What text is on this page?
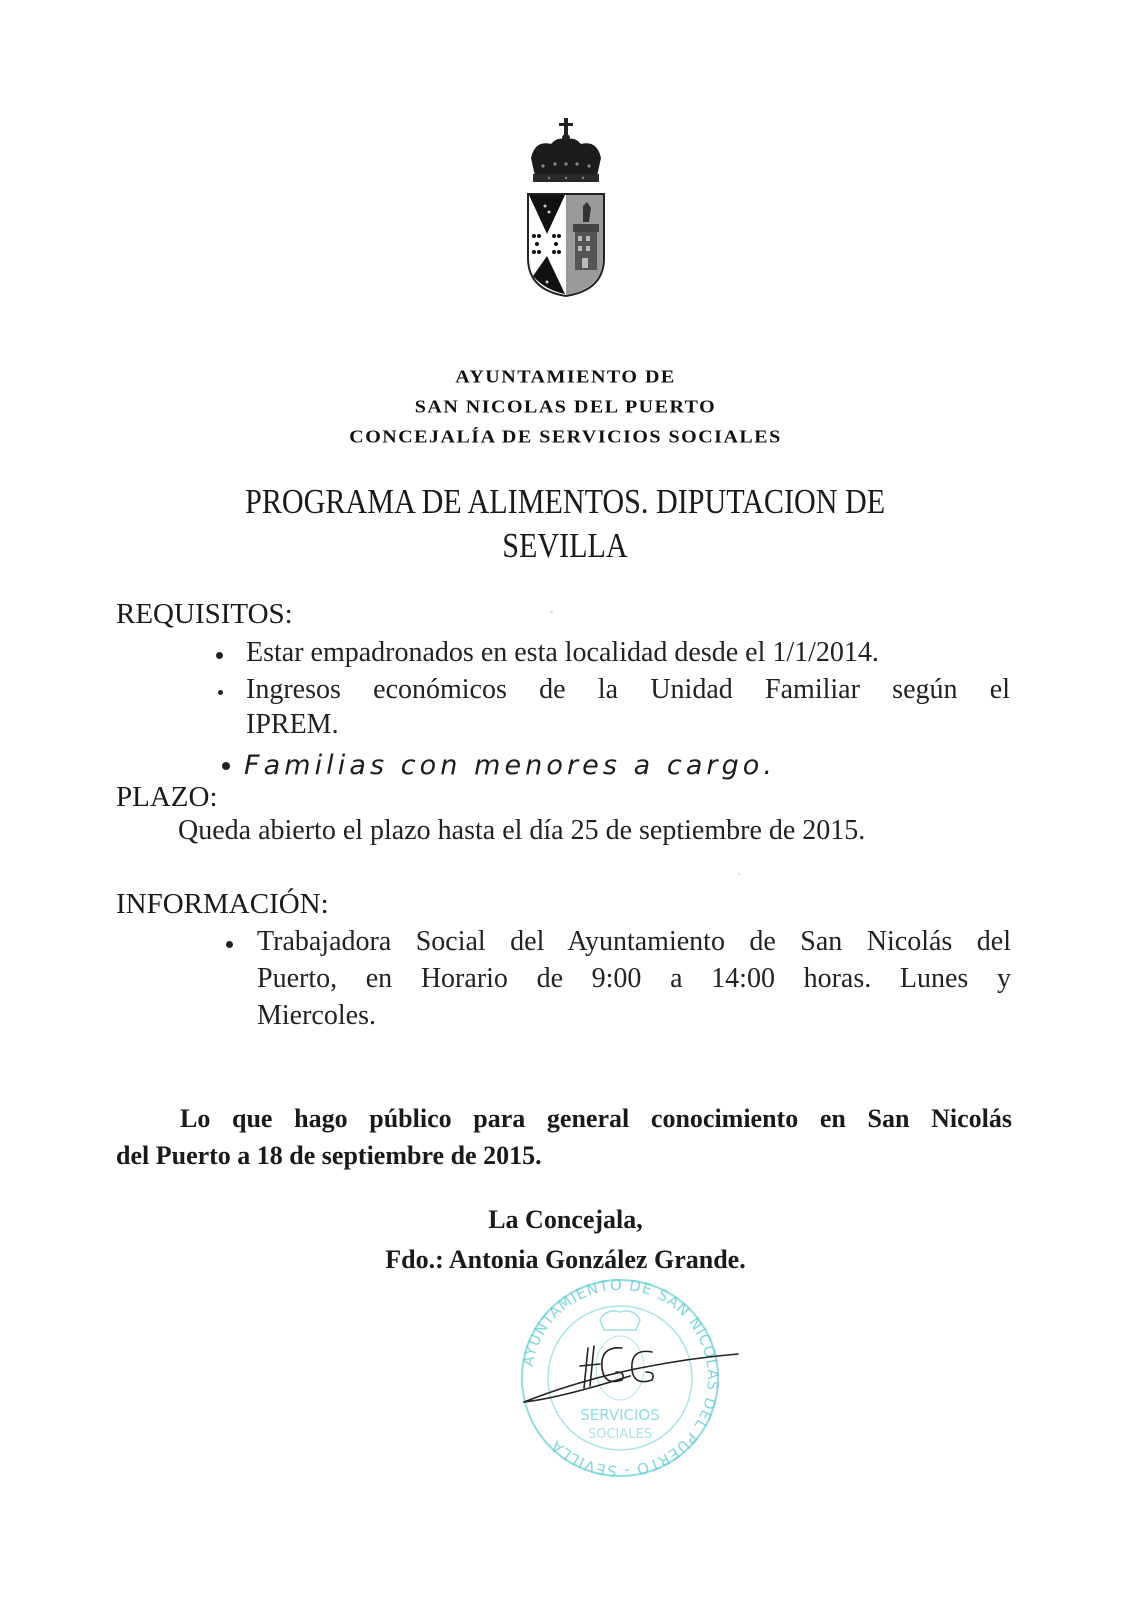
AYUNTAMIENTO DE
SAN NICOLAS DEL PUERTO
CONCEJALÍA DE SERVICIOS SOCIALES
PROGRAMA DE ALIMENTOS. DIPUTACION DE
SEVILLA
REQUISITOS:
Estar empadronados en esta localidad desde el 1/1/2014.
Ingresos económicos de la Unidad Familiar según el
IPREM.
Familias con menores a cargo.
PLAZO:
Queda abierto el plazo hasta el día 25 de septiembre de 2015.
INFORMACIÓN:
Trabajadora Social del Ayuntamiento de San Nicolás del
Puerto, en Horario de 9:00 a 14:00 horas. Lunes y
Miercoles.
Lo que hago público para general conocimiento en San Nicolás
del Puerto a 18 de septiembre de 2015.
La Concejala,
Fdo.: Antonia González Grande.
AYUNTAMIENTO DE SAN NICOLAS DEL PUERTO - SEVILLA
SERVICIOS
SOCIALES
